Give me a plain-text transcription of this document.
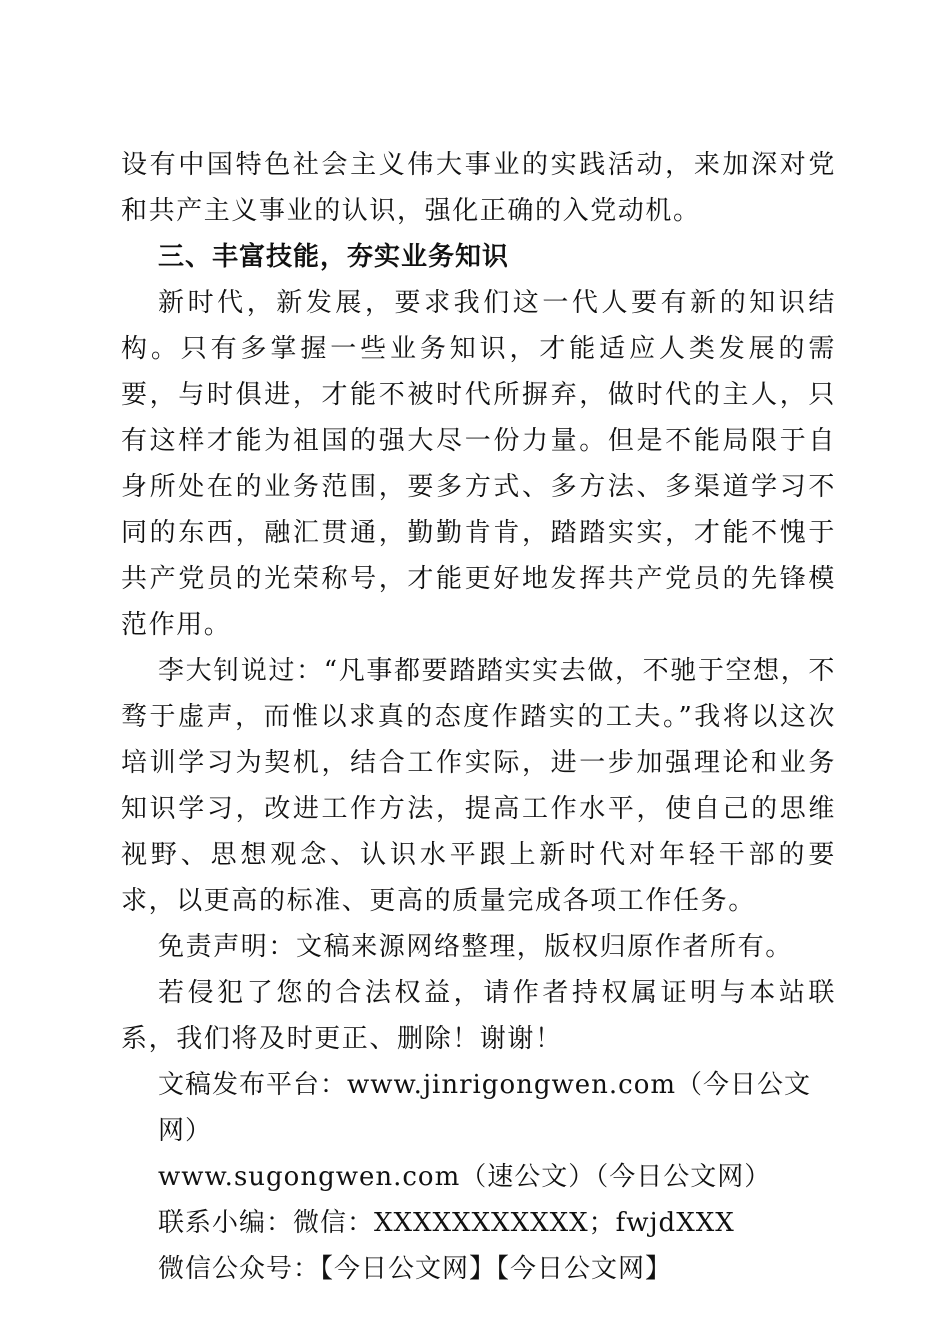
设有中国特色社会主义伟大事业的实践活动，来加深对党和共产主义事业的认识，强化正确的入党动机。

三、丰富技能，夯实业务知识

新时代，新发展，要求我们这一代人要有新的知识结构。只有多掌握一些业务知识，才能适应人类发展的需要，与时俱进，才能不被时代所摒弃，做时代的主人，只有这样才能为祖国的强大尽一份力量。但是不能局限于自身所处在的业务范围，要多方式、多方法、多渠道学习不同的东西，融汇贯通，勤勤肯肯，踏踏实实，才能不愧于共产党员的光荣称号，才能更好地发挥共产党员的先锋模范作用。

李大钊说过：“凡事都要踏踏实实去做，不驰于空想，不骛于虚声，而惟以求真的态度作踏实的工夫。”我将以这次培训学习为契机，结合工作实际，进一步加强理论和业务知识学习，改进工作方法，提高工作水平，使自己的思维视野、思想观念、认识水平跟上新时代对年轻干部的要求，以更高的标准、更高的质量完成各项工作任务。

免责声明：文稿来源网络整理，版权归原作者所有。

若侵犯了您的合法权益，请作者持权属证明与本站联系，我们将及时更正、删除！谢谢！

文稿发布平台：www.jinrigongwen.com（今日公文网）

www.sugongwen.com（速公文）（今日公文网）

联系小编：微信：XXXXXXXXXXX；fwjdXXX

微信公众号：【今日公文网】【今日公文网】
